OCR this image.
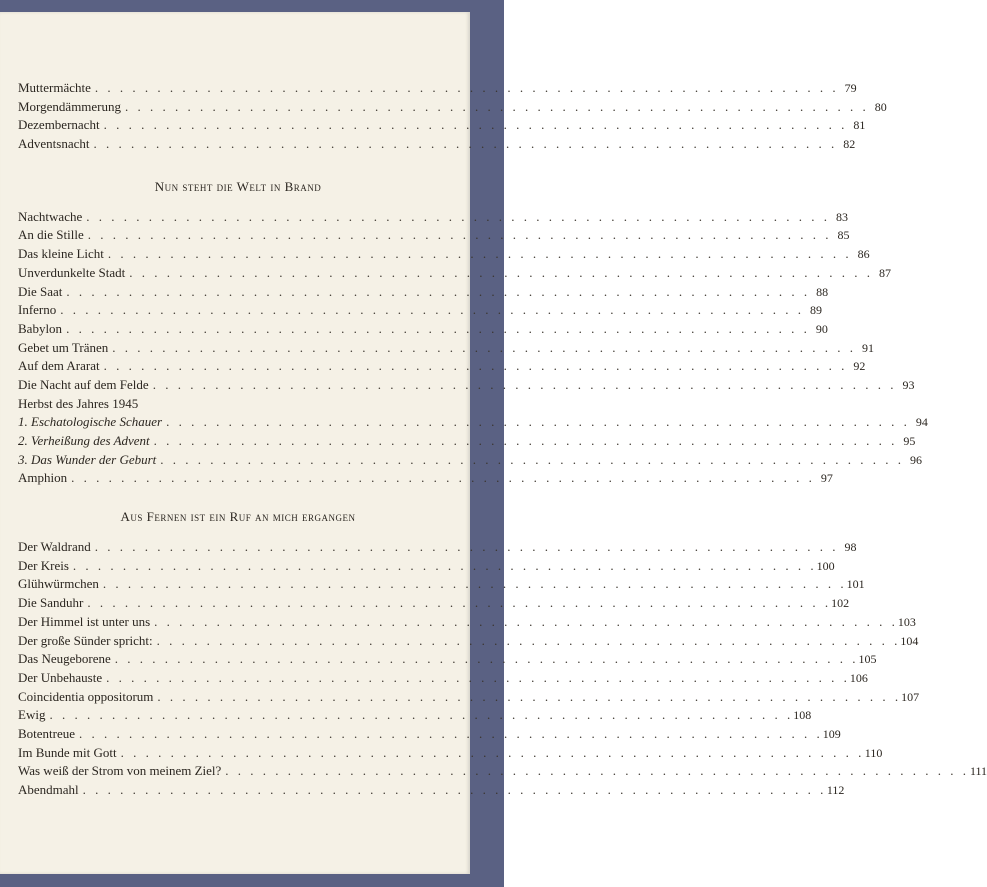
Muttermächte . . . . . . . . . . . . . . . . . . . . . . . . . . . . . . . . . . . . . . . . . . . . . . . . . . . . . . . . . . . . 79
Morgendämmerung . . . . . . . . . . . . . . . . . . . . . . . . . . . . . . . . . . . . . . . . . . . . . . . . . . . . . . . . . . . . 80
Dezembernacht . . . . . . . . . . . . . . . . . . . . . . . . . . . . . . . . . . . . . . . . . . . . . . . . . . . . . . . . . . . . 81
Adventsnacht . . . . . . . . . . . . . . . . . . . . . . . . . . . . . . . . . . . . . . . . . . . . . . . . . . . . . . . . . . . . 82
Nun steht die Welt in Brand
Nachtwache . . . . . . . . . . . . . . . . . . . . . . . . . . . . . . . . . . . . . . . . . . . . . . . . . . . . . . . . . . . . 83
An die Stille . . . . . . . . . . . . . . . . . . . . . . . . . . . . . . . . . . . . . . . . . . . . . . . . . . . . . . . . . . . . 85
Das kleine Licht . . . . . . . . . . . . . . . . . . . . . . . . . . . . . . . . . . . . . . . . . . . . . . . . . . . . . . . . . . . . 86
Unverdunkelte Stadt . . . . . . . . . . . . . . . . . . . . . . . . . . . . . . . . . . . . . . . . . . . . . . . . . . . . . . . . . . . . 87
Die Saat . . . . . . . . . . . . . . . . . . . . . . . . . . . . . . . . . . . . . . . . . . . . . . . . . . . . . . . . . . . . 88
Inferno . . . . . . . . . . . . . . . . . . . . . . . . . . . . . . . . . . . . . . . . . . . . . . . . . . . . . . . . . . . . 89
Babylon . . . . . . . . . . . . . . . . . . . . . . . . . . . . . . . . . . . . . . . . . . . . . . . . . . . . . . . . . . . . 90
Gebet um Tränen . . . . . . . . . . . . . . . . . . . . . . . . . . . . . . . . . . . . . . . . . . . . . . . . . . . . . . . . . . . . 91
Auf dem Ararat . . . . . . . . . . . . . . . . . . . . . . . . . . . . . . . . . . . . . . . . . . . . . . . . . . . . . . . . . . . . 92
Die Nacht auf dem Felde . . . . . . . . . . . . . . . . . . . . . . . . . . . . . . . . . . . . . . . . . . . . . . . . . . . . . . . . . . . . 93
Herbst des Jahres 1945
1. Eschatologische Schauer . . . . . . . . . . . . . . . . . . . . . . . . . . . . . . . . . . . . . . . . . . . . . . . . . . . . . . . . . . . . 94
2. Verheißung des Advent . . . . . . . . . . . . . . . . . . . . . . . . . . . . . . . . . . . . . . . . . . . . . . . . . . . . . . . . . . . . 95
3. Das Wunder der Geburt . . . . . . . . . . . . . . . . . . . . . . . . . . . . . . . . . . . . . . . . . . . . . . . . . . . . . . . . . . . . 96
Amphion . . . . . . . . . . . . . . . . . . . . . . . . . . . . . . . . . . . . . . . . . . . . . . . . . . . . . . . . . . . . 97
Aus Fernen ist ein Ruf an mich ergangen
Der Waldrand . . . . . . . . . . . . . . . . . . . . . . . . . . . . . . . . . . . . . . . . . . . . . . . . . . . . . . . . . . . . 98
Der Kreis . . . . . . . . . . . . . . . . . . . . . . . . . . . . . . . . . . . . . . . . . . . . . . . . . . . . . . . . . . . . 100
Glühwürmchen . . . . . . . . . . . . . . . . . . . . . . . . . . . . . . . . . . . . . . . . . . . . . . . . . . . . . . . . . . . . 101
Die Sanduhr . . . . . . . . . . . . . . . . . . . . . . . . . . . . . . . . . . . . . . . . . . . . . . . . . . . . . . . . . . . . 102
Der Himmel ist unter uns . . . . . . . . . . . . . . . . . . . . . . . . . . . . . . . . . . . . . . . . . . . . . . . . . . . . . . . . . . . . 103
Der große Sünder spricht: . . . . . . . . . . . . . . . . . . . . . . . . . . . . . . . . . . . . . . . . . . . . . . . . . . . . . . . . . . . . 104
Das Neugeborene . . . . . . . . . . . . . . . . . . . . . . . . . . . . . . . . . . . . . . . . . . . . . . . . . . . . . . . . . . . . 105
Der Unbehauste . . . . . . . . . . . . . . . . . . . . . . . . . . . . . . . . . . . . . . . . . . . . . . . . . . . . . . . . . . . . 106
Coincidentia oppositorum . . . . . . . . . . . . . . . . . . . . . . . . . . . . . . . . . . . . . . . . . . . . . . . . . . . . . . . . . . . . 107
Ewig . . . . . . . . . . . . . . . . . . . . . . . . . . . . . . . . . . . . . . . . . . . . . . . . . . . . . . . . . . . . 108
Botentreue . . . . . . . . . . . . . . . . . . . . . . . . . . . . . . . . . . . . . . . . . . . . . . . . . . . . . . . . . . . . 109
Im Bunde mit Gott . . . . . . . . . . . . . . . . . . . . . . . . . . . . . . . . . . . . . . . . . . . . . . . . . . . . . . . . . . . . 110
Was weiß der Strom von meinem Ziel? . . . . . . . . . . . . . . . . . . . . . . . . . . . . . . . . . . . . . . . . . . . . . . . . . . . . . . . . . . . . 111
Abendmahl . . . . . . . . . . . . . . . . . . . . . . . . . . . . . . . . . . . . . . . . . . . . . . . . . . . . . . . . . . . . 112
